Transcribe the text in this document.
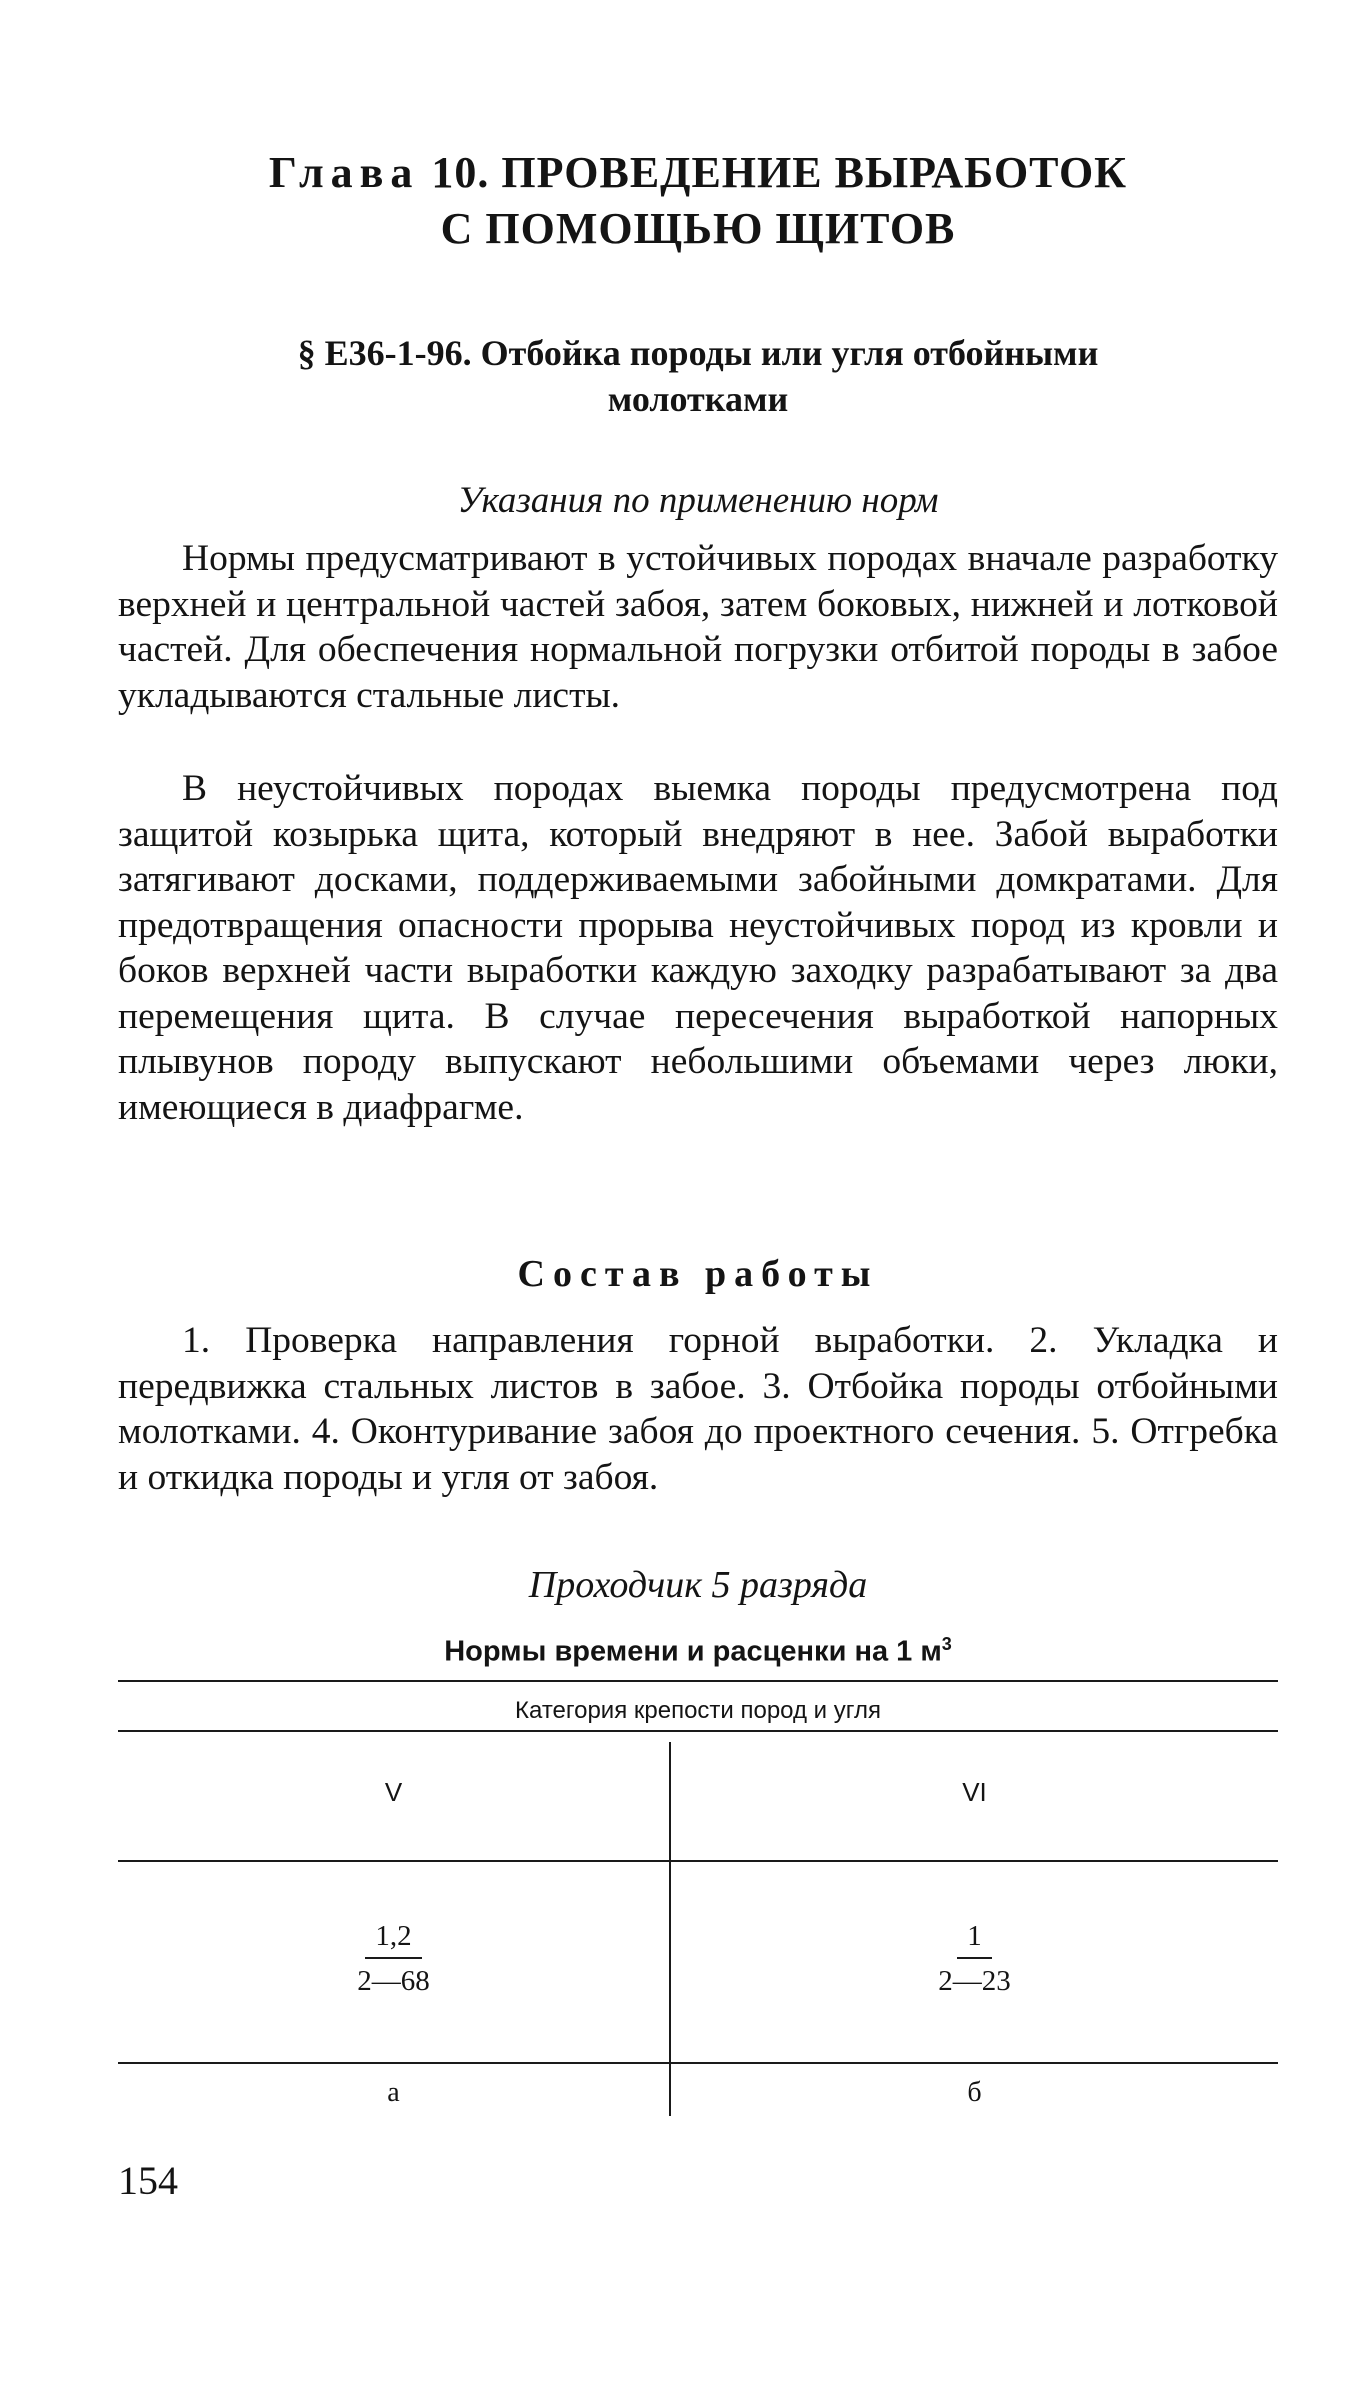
Глава 10. ПРОВЕДЕНИЕ ВЫРАБОТОК
С ПОМОЩЬЮ ЩИТОВ
§ Е36-1-96. Отбойка породы или угля отбойными
молотками
Указания по применению норм

Нормы предусматривают в устойчивых породах вначале разработку верхней и центральной частей забоя, затем боковых, нижней и лотковой частей. Для обеспечения нормальной погрузки отбитой породы в забое укладываются стальные листы.

В неустойчивых породах выемка породы предусмотрена под защитой козырька щита, который внедряют в нее. Забой выработки затягивают досками, поддерживаемыми забойными домкратами. Для предотвращения опасности прорыва неустойчивых пород из кровли и боков верхней части выработки каждую заходку разрабатывают за два перемещения щита. В случае пересечения выработкой напорных плывунов породу выпускают небольшими объемами через люки, имеющиеся в диафрагме.

Состав работы

1. Проверка направления горной выработки. 2. Укладка и передвижка стальных листов в забое. 3. Отбойка породы отбойными молотками. 4. Оконтуривание забоя до проектного сечения. 5. Отгребка и откидка породы и угля от забоя.

Проходчик 5 разряда
Нормы времени и расценки на 1 $м^3$
Категория крепости пород и угля
V	VI
$\frac{1,2}{2—68} \frac{1}{2—23}$
а	б
154
